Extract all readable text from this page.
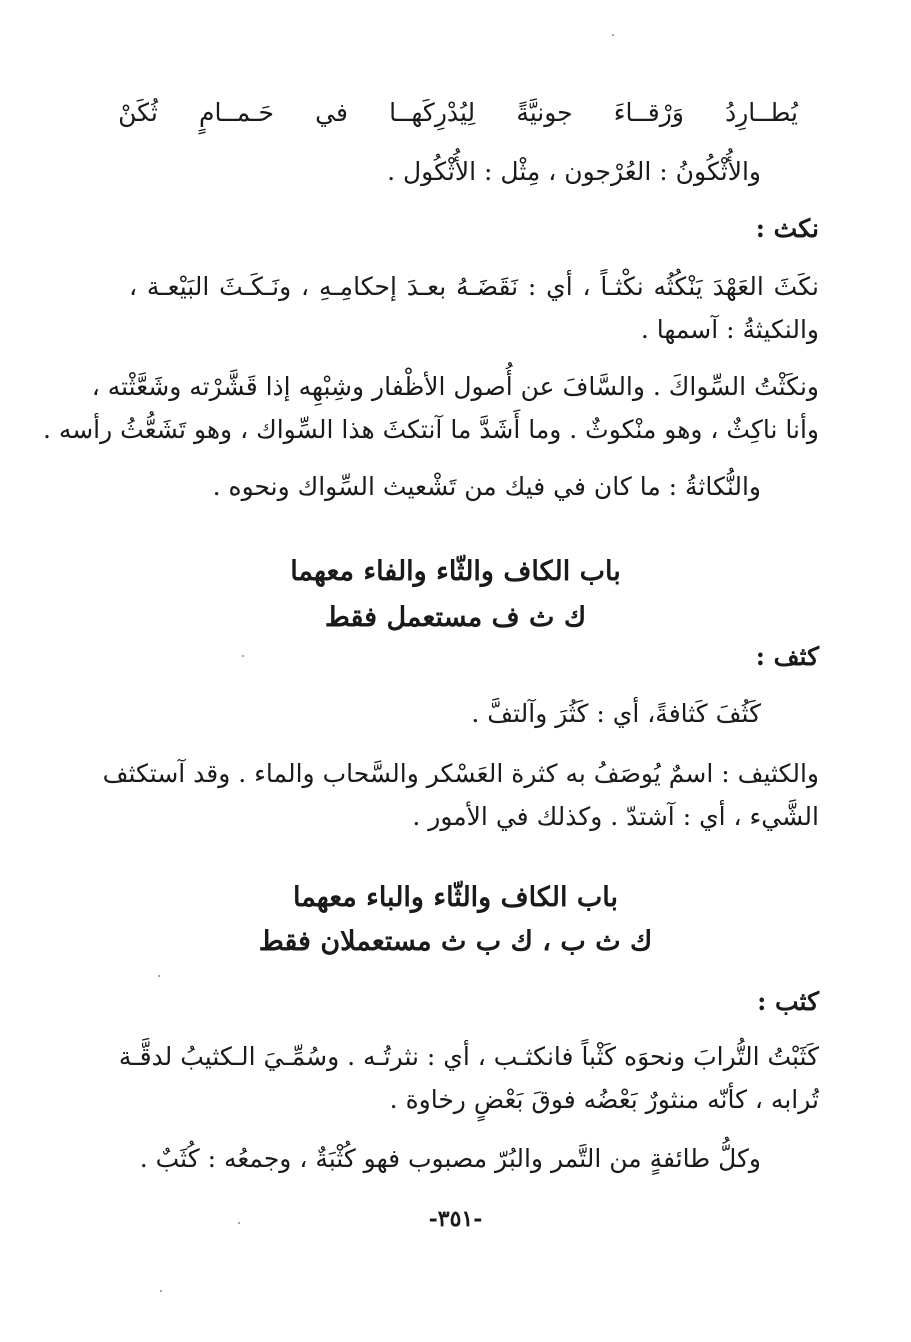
يُطــارِدُ
وَرْقــاءَ
جونيَّةً
لِيُدْرِكَهــا
في
حَـمــامٍ
ثُكَنْ
والأُثْكُونُ : العُرْجون ، مِثْل : الأُثْكُول .
نكث :
نكَثَ العَهْدَ يَنْكُثُه نكْثـاً ، أي : نَقَضَـهُ بعـدَ إحكامِـهِ ، ونَـكَـثَ البَيْعـة ،
والنكيثةُ : آسمها .
ونكَثْتُ السِّواكَ . والسَّافَ عن أُصول الأظْفار وشِبْهِه إذا قَشَّرْته وشَعَّثْته ،
وأنا ناكِثٌ ، وهو منْكوثٌ . وما أَشَدَّ ما آنتكثَ هذا السِّواك ، وهو تَشَعُّثُ رأسه .
والنُّكاثةُ : ما كان في فيك من تَشْعيث السِّواك ونحوه .
باب الكاف والثّاء والفاء معهما
ك ث ف مستعمل فقط
كثف :
كَثُفَ كَثافةً، أي : كَثُرَ وآلتفَّ .
والكثيف : اسمٌ يُوصَفُ به كثرة العَسْكر والسَّحاب والماء . وقد آستكثف
الشَّيء ، أي : آشتدّ . وكذلك في الأمور .
باب الكاف والثّاء والباء معهما
ك ث ب ، ك ب ث مستعملان فقط
كثب :
كَثَبْتُ التُّرابَ ونحوَه كَثْباً فانكثـب ، أي : نثرتُـه . وسُمِّـيَ الـكثيبُ لدقَّـة
تُرابه ، كأنّه منثورٌ بَعْضُه فوقَ بَعْضٍ رخاوة .
وكلُّ طائفةٍ من التَّمر والبُرّ مصبوب فهو كُثْبَةٌ ، وجمعُه : كُثَبٌ .
-٣٥١-
